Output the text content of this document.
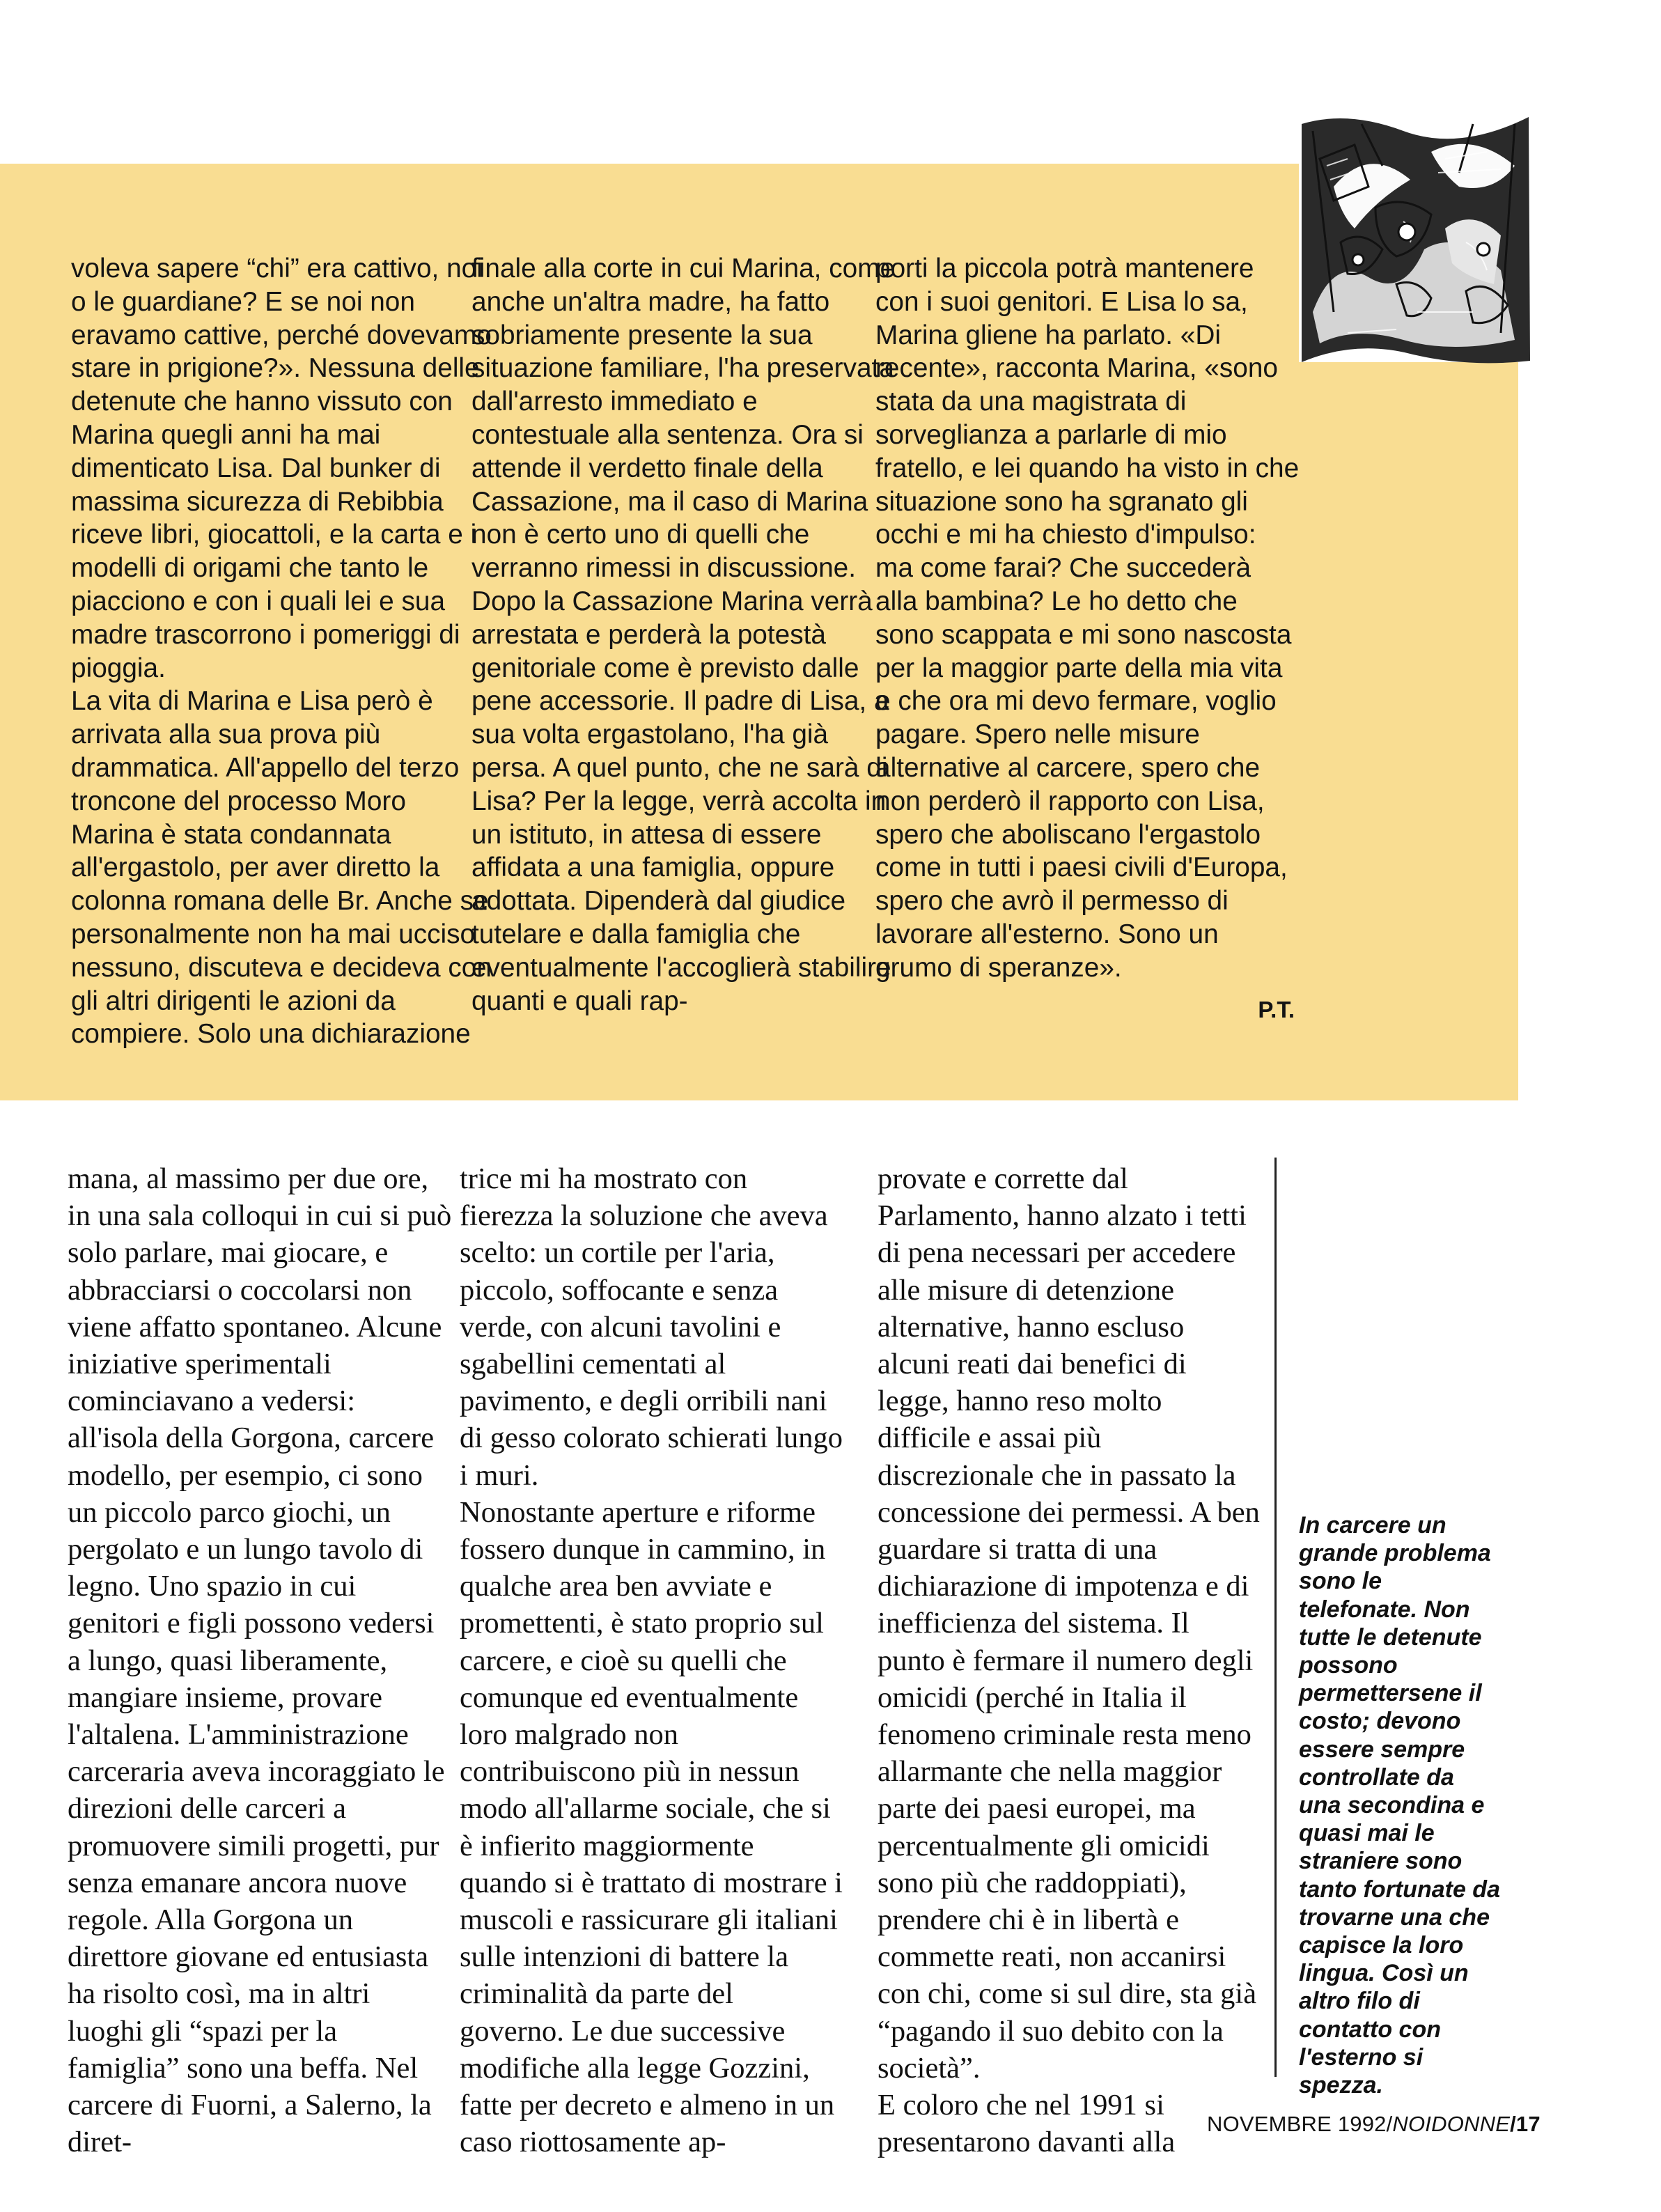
voleva sapere “chi” era cattivo, noi o le guardiane? E se noi non eravamo cattive, perché dovevamo stare in prigione?». Nessuna delle detenute che hanno vissuto con Marina quegli anni ha mai dimenticato Lisa. Dal bunker di massima sicurezza di Rebibbia riceve libri, giocattoli, e la carta e i modelli di origami che tanto le piacciono e con i quali lei e sua madre trascorrono i pomeriggi di pioggia.

La vita di Marina e Lisa però è arrivata alla sua prova più drammatica. All'appello del terzo troncone del processo Moro Marina è stata condannata all'ergastolo, per aver diretto la colonna romana delle Br. Anche se personalmente non ha mai ucciso nessuno, discuteva e decideva con gli altri dirigenti le azioni da compiere. Solo una dichiarazione

finale alla corte in cui Marina, come anche un'altra madre, ha fatto sobriamente presente la sua situazione familiare, l'ha preservata dall'arresto immediato e contestuale alla sentenza. Ora si attende il verdetto finale della Cassazione, ma il caso di Marina non è certo uno di quelli che verranno rimessi in discussione. Dopo la Cassazione Marina verrà arrestata e perderà la potestà genitoriale come è previsto dalle pene accessorie. Il padre di Lisa, a sua volta ergastolano, l'ha già persa. A quel punto, che ne sarà di Lisa? Per la legge, verrà accolta in un istituto, in attesa di essere affidata a una famiglia, oppure adottata. Dipenderà dal giudice tutelare e dalla famiglia che eventualmente l'accoglierà stabilire quanti e quali rap-

porti la piccola potrà mantenere con i suoi genitori. E Lisa lo sa, Marina gliene ha parlato. «Di recente», racconta Marina, «sono stata da una magistrata di sorveglianza a parlarle di mio fratello, e lei quando ha visto in che situazione sono ha sgranato gli occhi e mi ha chiesto d'impulso: ma come farai? Che succederà alla bambina? Le ho detto che sono scappata e mi sono nascosta per la maggior parte della mia vita e che ora mi devo fermare, voglio pagare. Spero nelle misure alternative al carcere, spero che non perderò il rapporto con Lisa, spero che aboliscano l'ergastolo come in tutti i paesi civili d'Europa, spero che avrò il permesso di lavorare all'esterno. Sono un grumo di speranze».

P.T.

mana, al massimo per due ore, in una sala colloqui in cui si può solo parlare, mai giocare, e abbracciarsi o coccolarsi non viene affatto spontaneo. Alcune iniziative sperimentali cominciavano a vedersi: all'isola della Gorgona, carcere modello, per esempio, ci sono un piccolo parco giochi, un pergolato e un lungo tavolo di legno. Uno spazio in cui genitori e figli possono vedersi a lungo, quasi liberamente, mangiare insieme, provare l'altalena. L'amministrazione carceraria aveva incoraggiato le direzioni delle carceri a promuovere simili progetti, pur senza emanare ancora nuove regole. Alla Gorgona un direttore giovane ed entusiasta ha risolto così, ma in altri luoghi gli “spazi per la famiglia” sono una beffa. Nel carcere di Fuorni, a Salerno, la diret-

trice mi ha mostrato con fierezza la soluzione che aveva scelto: un cortile per l'aria, piccolo, soffocante e senza verde, con alcuni tavolini e sgabellini cementati al pavimento, e degli orribili nani di gesso colorato schierati lungo i muri.

Nonostante aperture e riforme fossero dunque in cammino, in qualche area ben avviate e promettenti, è stato proprio sul carcere, e cioè su quelli che comunque ed eventualmente loro malgrado non contribuiscono più in nessun modo all'allarme sociale, che si è infierito maggiormente quando si è trattato di mostrare i muscoli e rassicurare gli italiani sulle intenzioni di battere la criminalità da parte del governo. Le due successive modifiche alla legge Gozzini, fatte per decreto e almeno in un caso riottosamente ap-

provate e corrette dal Parlamento, hanno alzato i tetti di pena necessari per accedere alle misure di detenzione alternative, hanno escluso alcuni reati dai benefici di legge, hanno reso molto difficile e assai più discrezionale che in passato la concessione dei permessi. A ben guardare si tratta di una dichiarazione di impotenza e di inefficienza del sistema. Il punto è fermare il numero degli omicidi (perché in Italia il fenomeno criminale resta meno allarmante che nella maggior parte dei paesi europei, ma percentualmente gli omicidi sono più che raddoppiati), prendere chi è in libertà e commette reati, non accanirsi con chi, come si sul dire, sta già “pagando il suo debito con la società”.

E coloro che nel 1991 si presentarono davanti alla

In carcere un grande problema sono le telefonate. Non tutte le detenute possono permettersene il costo; devono essere sempre controllate da una secondina e quasi mai le straniere sono tanto fortunate da trovarne una che capisce la loro lingua. Così un altro filo di contatto con l'esterno si spezza.
NOVEMBRE 1992/NOIDONNE/17
